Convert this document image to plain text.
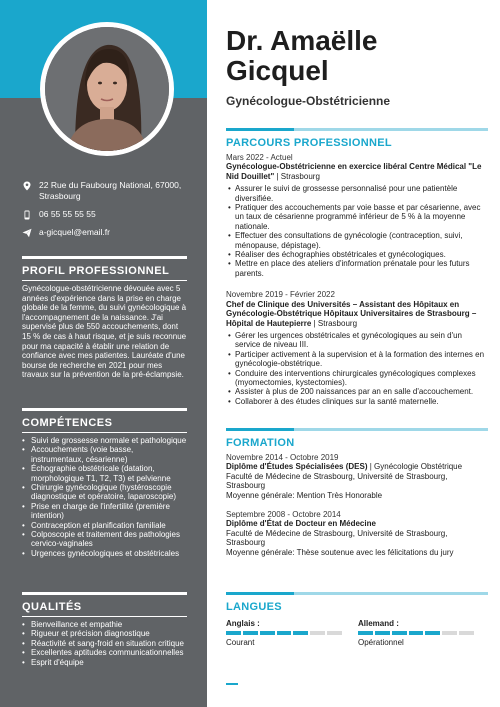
22 Rue du Faubourg National, 67000, Strasbourg
06 55 55 55 55
a-gicquel@email.fr
PROFIL PROFESSIONNEL
Gynécologue-obstétricienne dévouée avec 5 années d'expérience dans la prise en charge globale de la femme, du suivi gynécologique à l'accompagnement de la naissance. J'ai supervisé plus de 550 accouchements, dont 15 % de cas à haut risque, et je suis reconnue pour ma capacité à établir une relation de confiance avec mes patientes. Lauréate d'une bourse de recherche en 2021 pour mes travaux sur la prévention de la pré-éclampsie.
COMPÉTENCES
• Suivi de grossesse normale et pathologique
• Accouchements (voie basse, instrumentaux, césarienne)
• Échographie obstétricale (datation, morphologique T1, T2, T3) et pelvienne
• Chirurgie gynécologique (hystéroscopie diagnostique et opératoire, laparoscopie)
• Prise en charge de l'infertilité (première intention)
• Contraception et planification familiale
• Colposcopie et traitement des pathologies cervico-vaginales
• Urgences gynécologiques et obstétricales
QUALITÉS
• Bienveillance et empathie
• Rigueur et précision diagnostique
• Réactivité et sang-froid en situation critique
• Excellentes aptitudes communicationnelles
• Esprit d'équipe
Dr. Amaëlle
Gicquel
Gynécologue-Obstétricienne
PARCOURS PROFESSIONNEL
Mars 2022 - Actuel
Gynécologue-Obstétricienne en exercice libéral Centre Médical "Le Nid Douillet" | Strasbourg
• Assurer le suivi de grossesse personnalisé pour une patientèle diversifiée.
• Pratiquer des accouchements par voie basse et par césarienne, avec un taux de césarienne programmé inférieur de 5 % à la moyenne nationale.
• Effectuer des consultations de gynécologie (contraception, suivi, ménopause, dépistage).
• Réaliser des échographies obstétricales et gynécologiques.
• Mettre en place des ateliers d'information prénatale pour les futurs parents.
Novembre 2019 - Février 2022
Chef de Clinique des Universités – Assistant des Hôpitaux en Gynécologie-Obstétrique Hôpitaux Universitaires de Strasbourg – Hôpital de Hautepierre | Strasbourg
• Gérer les urgences obstétricales et gynécologiques au sein d'un service de niveau III.
• Participer activement à la supervision et à la formation des internes en gynécologie-obstétrique.
• Conduire des interventions chirurgicales gynécologiques complexes (myomectomies, kystectomies).
• Assister à plus de 200 naissances par an en salle d'accouchement.
• Collaborer à des études cliniques sur la santé maternelle.
FORMATION
Novembre 2014 - Octobre 2019
Diplôme d'Études Spécialisées (DES) | Gynécologie Obstétrique
Faculté de Médecine de Strasbourg, Université de Strasbourg, Strasbourg
Moyenne générale: Mention Très Honorable
Septembre 2008 - Octobre 2014
Diplôme d'État de Docteur en Médecine
Faculté de Médecine de Strasbourg, Université de Strasbourg, Strasbourg
Moyenne générale: Thèse soutenue avec les félicitations du jury
LANGUES
Anglais :
Courant
Allemand :
Opérationnel
